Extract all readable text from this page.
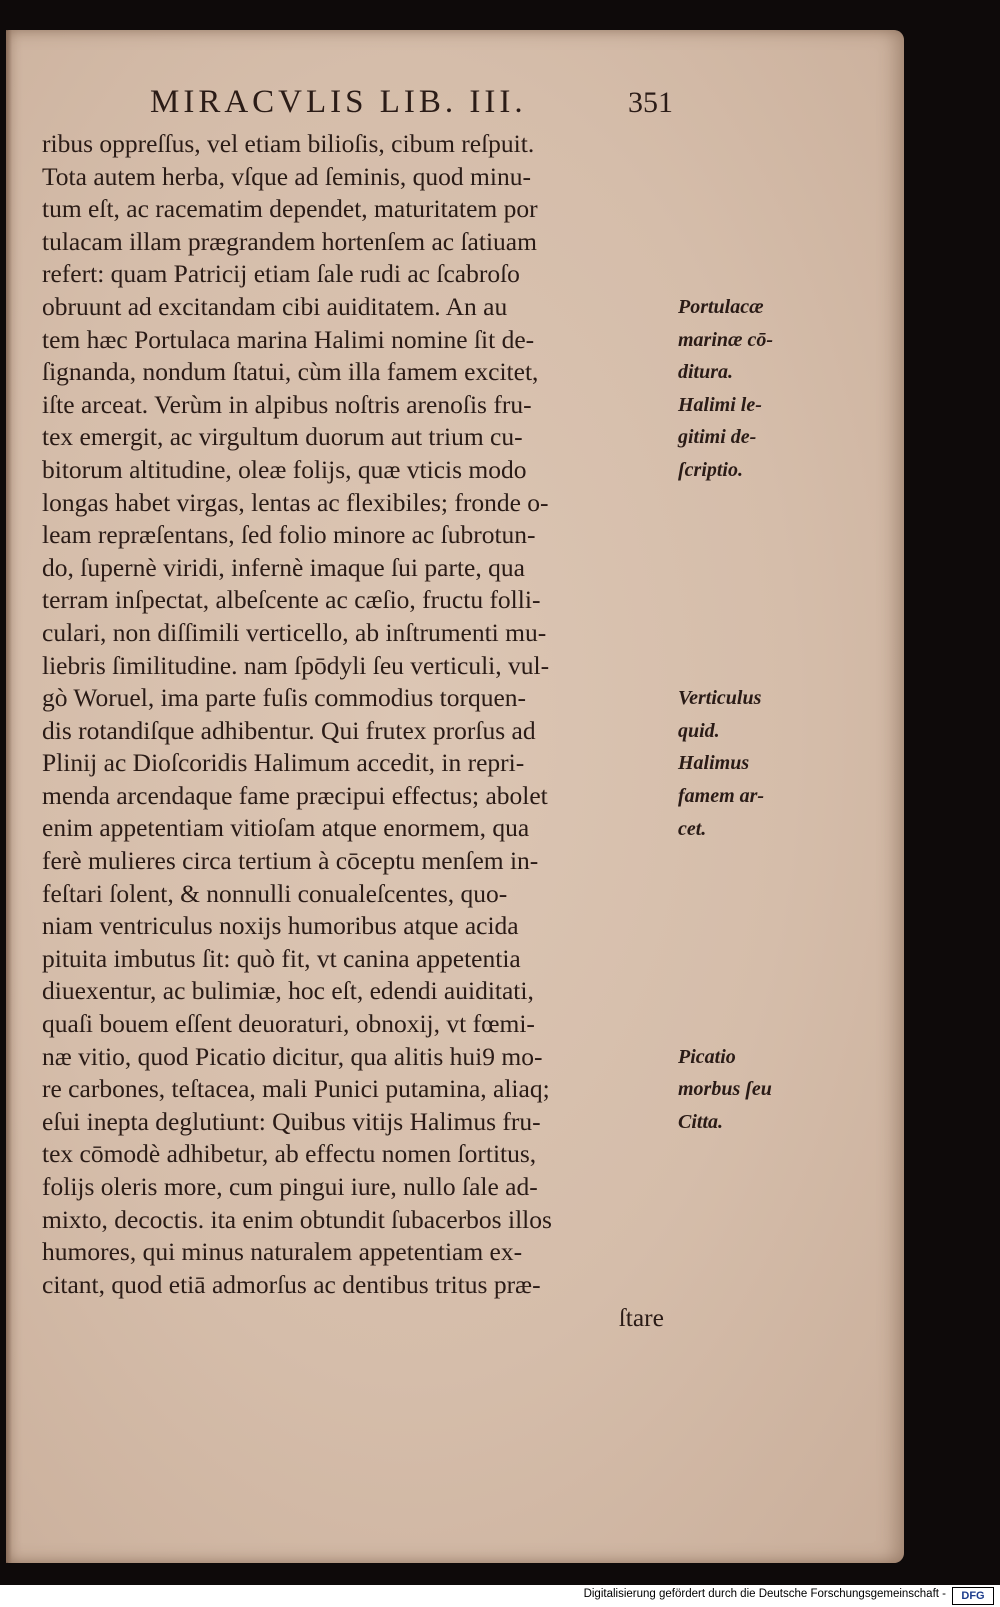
MIRACVLIS LIB. III.	351
ribus oppreſſus, vel etiam bilioſis, cibum reſpuit.
Tota autem herba, vſque ad ſeminis, quod minu-
tum eſt, ac racematim dependet, maturitatem por
tulacam illam prægrandem hortenſem ac ſatiuam
refert: quam Patricij etiam ſale rudi ac ſcabroſo
obruunt ad excitandam cibi auiditatem. An au
tem hæc Portulaca marina Halimi nomine ſit de-
ſignanda, nondum ſtatui, cùm illa famem excitet,
iſte arceat. Verùm in alpibus noſtris arenoſis fru-
tex emergit, ac virgultum duorum aut trium cu-
bitorum altitudine, oleæ folijs, quæ vticis modo
longas habet virgas, lentas ac flexibiles; fronde o-
leam repræſentans, ſed folio minore ac ſubrotun-
do, ſupernè viridi, infernè imaque ſui parte, qua
terram inſpectat, albeſcente ac cæſio, fructu folli-
culari, non diſſimili verticello, ab inſtrumenti mu-
liebris ſimilitudine. nam ſpōdyli ſeu verticuli, vul-
gò Woruel, ima parte fuſis commodius torquen-
dis rotandiſque adhibentur. Qui frutex prorſus ad
Plinij ac Dioſcoridis Halimum accedit, in repri-
menda arcendaque fame præcipui effectus; abolet
enim appetentiam vitioſam atque enormem, qua
ferè mulieres circa tertium à cōceptu menſem in-
feſtari ſolent, & nonnulli conualeſcentes, quo-
niam ventriculus noxijs humoribus atque acida
pituita imbutus ſit: quò fit, vt canina appetentia
diuexentur, ac bulimiæ, hoc eſt, edendi auiditati,
quaſi bouem eſſent deuoraturi, obnoxij, vt fœmi-
næ vitio, quod Picatio dicitur, qua alitis hui9 mo-
re carbones, teſtacea, mali Punici putamina, aliaq;
eſui inepta deglutiunt: Quibus vitijs Halimus fru-
tex cōmodè adhibetur, ab effectu nomen ſortitus,
folijs oleris more, cum pingui iure, nullo ſale ad-
mixto, decoctis. ita enim obtundit ſubacerbos illos
humores, qui minus naturalem appetentiam ex-
citant, quod etiā admorſus ac dentibus tritus præ-
ſtare
Portulacæ
marinæ cō-
ditura.
Halimi le-
gitimi de-
ſcriptio.
Verticulus
quid.
Halimus
famem ar-
cet.
Picatio
morbus ſeu
Citta.
Digitalisierung gefördert durch die Deutsche Forschungsgemeinschaft -	DFG
